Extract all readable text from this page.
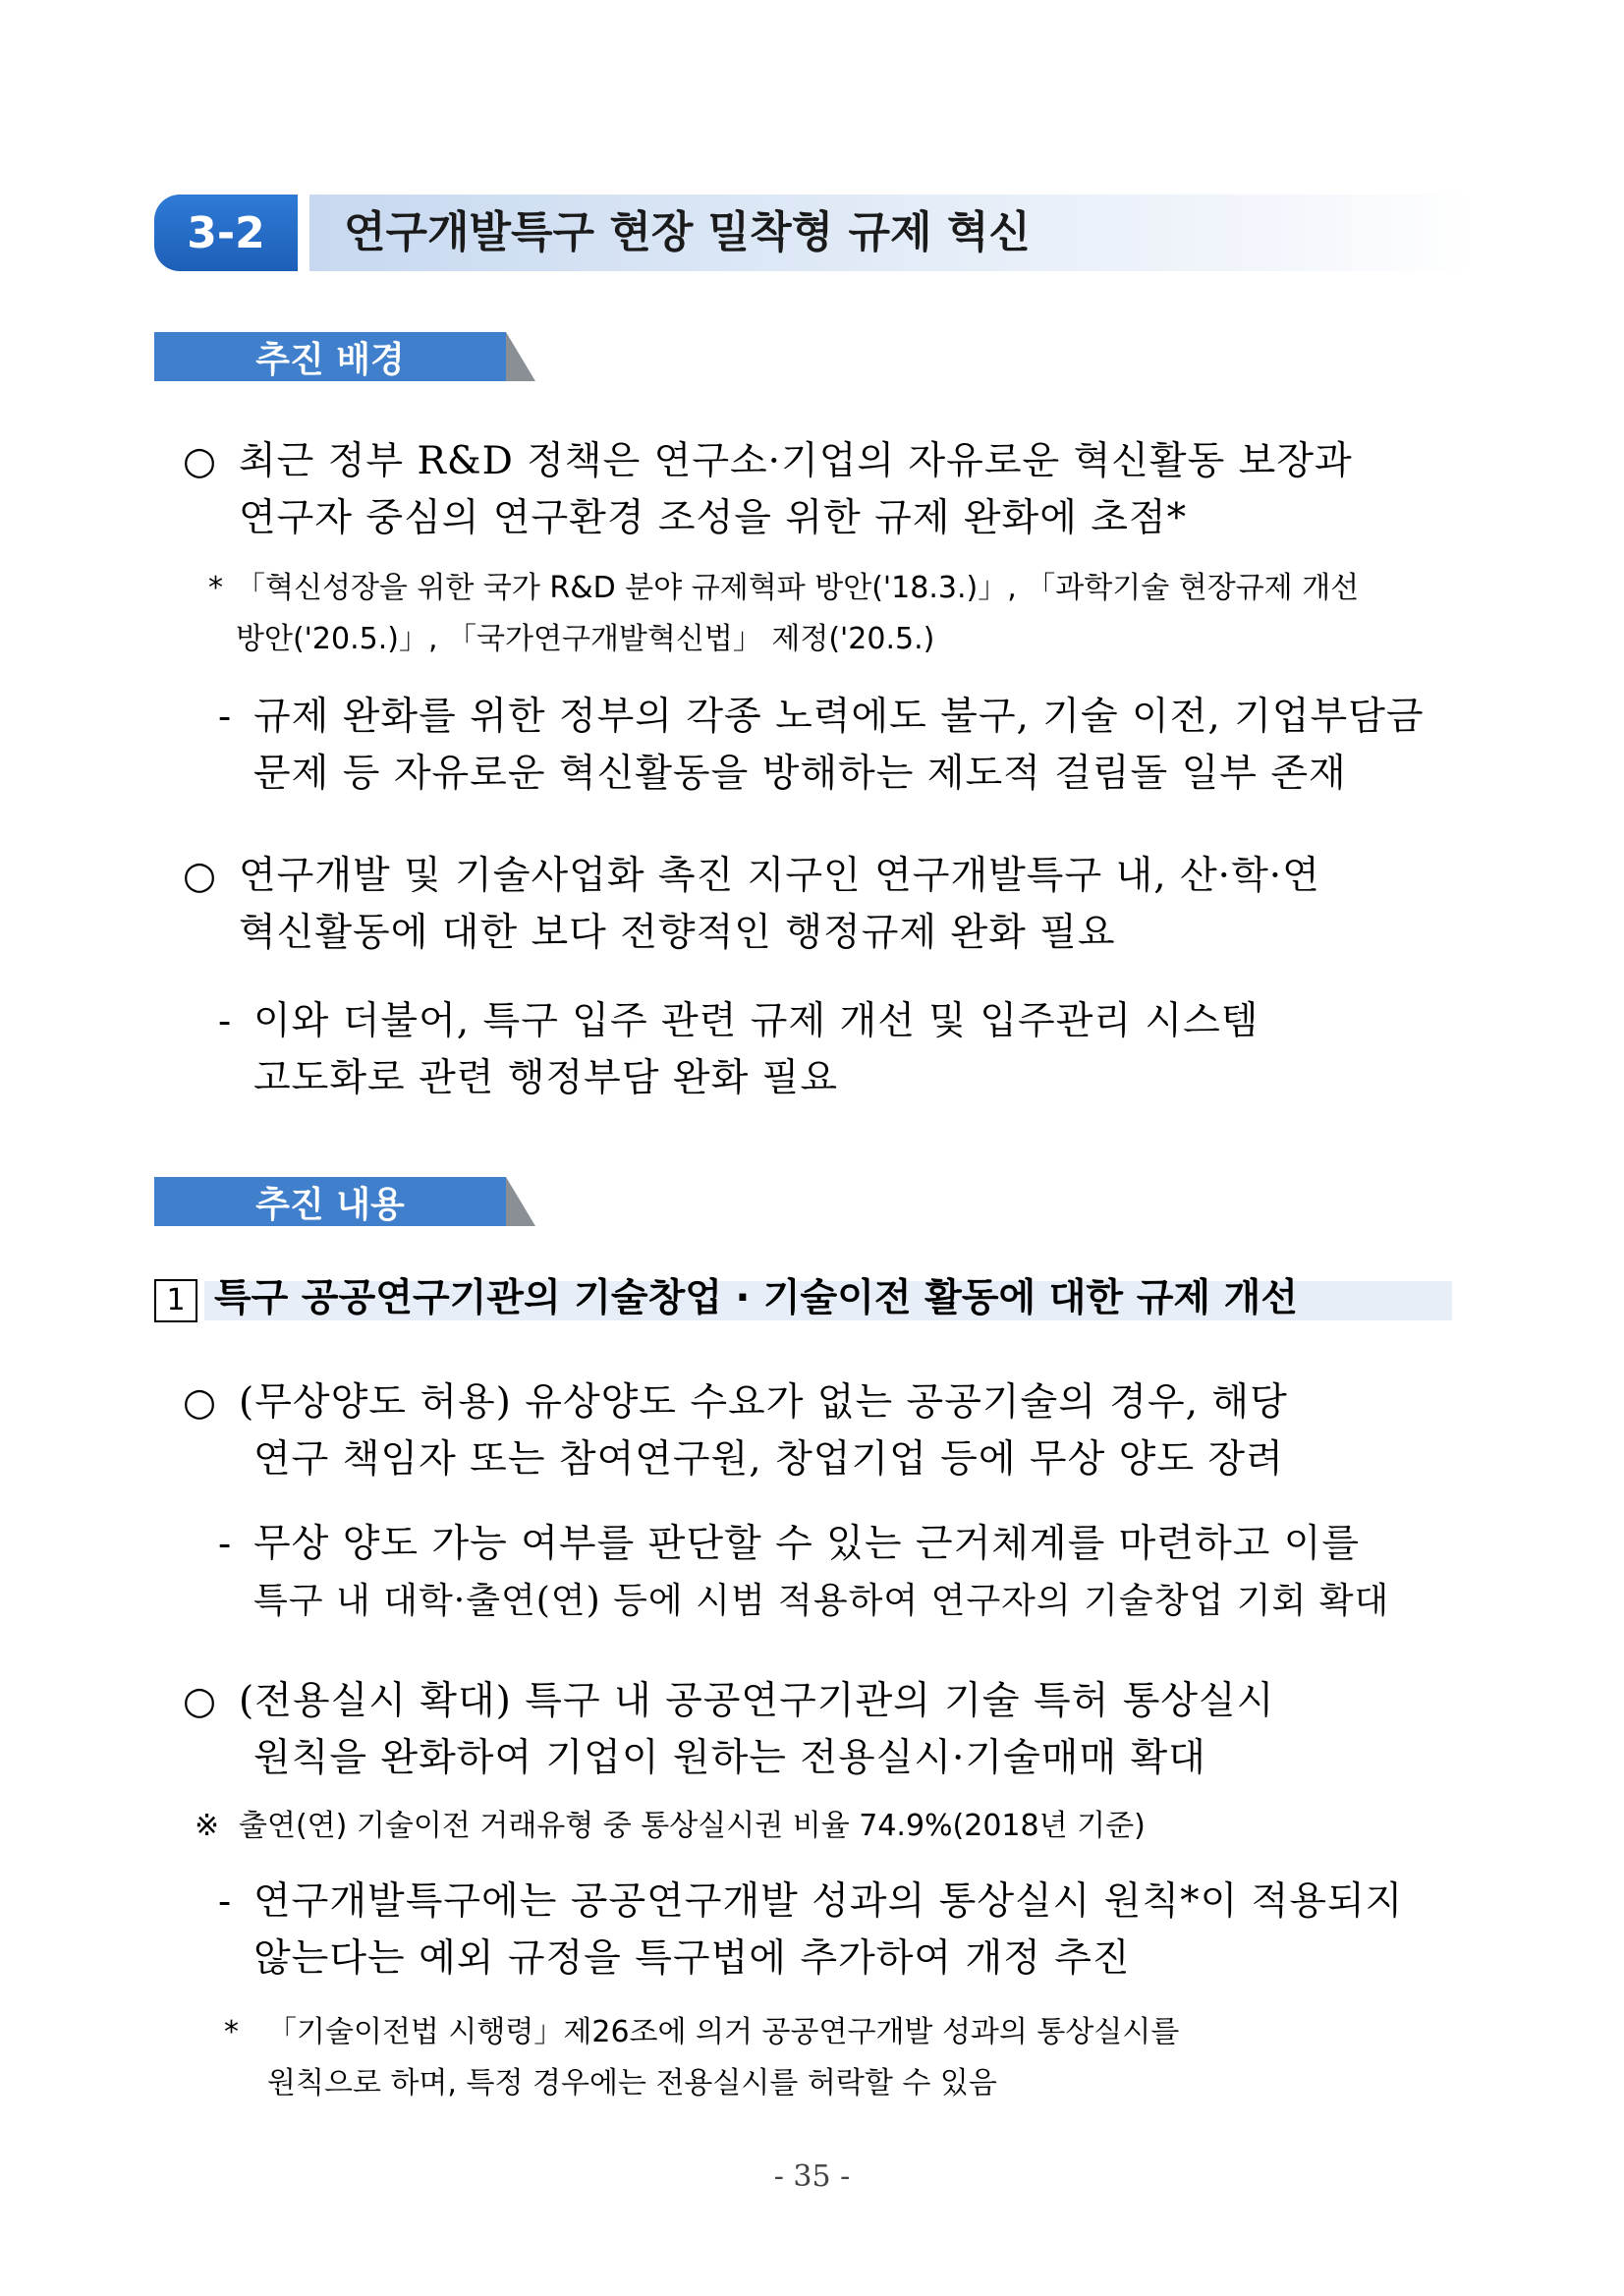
3-2	연구개발특구 현장 밀착형 규제 혁신
추진 배경
○ 최근 정부 R&D 정책은 연구소·기업의 자유로운 혁신활동 보장과
연구자 중심의 연구환경 조성을 위한 규제 완화에 초점*
* 「혁신성장을 위한 국가 R&D 분야 규제혁파 방안('18.3.)」, 「과학기술 현장규제 개선
방안('20.5.)」, 「국가연구개발혁신법」 제정('20.5.)
- 규제 완화를 위한 정부의 각종 노력에도 불구, 기술 이전, 기업부담금
문제 등 자유로운 혁신활동을 방해하는 제도적 걸림돌 일부 존재
○ 연구개발 및 기술사업화 촉진 지구인 연구개발특구 내, 산·학·연
혁신활동에 대한 보다 전향적인 행정규제 완화 필요
- 이와 더불어, 특구 입주 관련 규제 개선 및 입주관리 시스템
고도화로 관련 행정부담 완화 필요
추진 내용
1 특구 공공연구기관의 기술창업 · 기술이전 활동에 대한 규제 개선
○ (무상양도 허용) 유상양도 수요가 없는 공공기술의 경우, 해당
연구 책임자 또는 참여연구원, 창업기업 등에 무상 양도 장려
- 무상 양도 가능 여부를 판단할 수 있는 근거체계를 마련하고 이를
특구 내 대학·출연(연) 등에 시범 적용하여 연구자의 기술창업 기회 확대
○ (전용실시 확대) 특구 내 공공연구기관의 기술 특허 통상실시
원칙을 완화하여 기업이 원하는 전용실시·기술매매 확대
※ 출연(연) 기술이전 거래유형 중 통상실시권 비율 74.9%(2018년 기준)
- 연구개발특구에는 공공연구개발 성과의 통상실시 원칙*이 적용되지
않는다는 예외 규정을 특구법에 추가하여 개정 추진
* 「기술이전법 시행령」제26조에 의거 공공연구개발 성과의 통상실시를
원칙으로 하며, 특정 경우에는 전용실시를 허락할 수 있음
- 35 -
